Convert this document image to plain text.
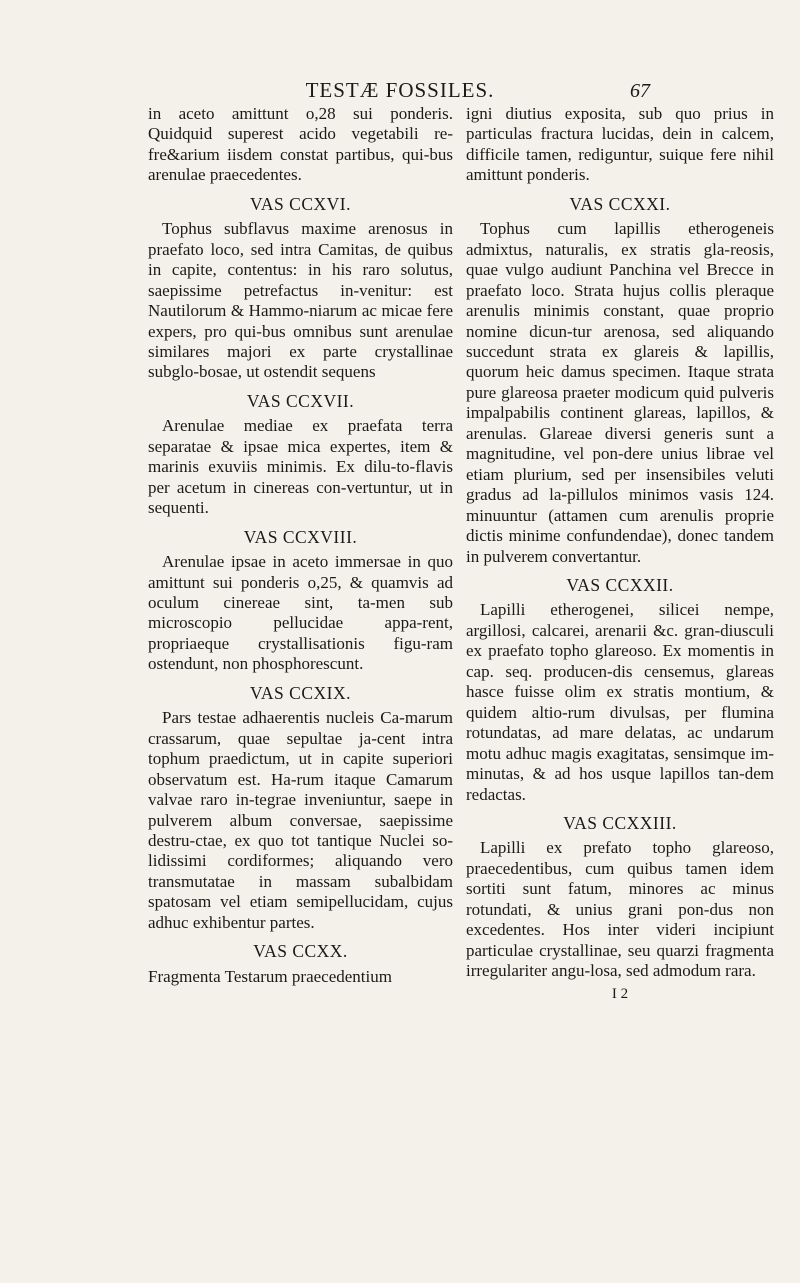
TESTÆ FOSSILES.	67

in aceto amittunt o,28 sui ponderis. Quidquid superest acido vegetabili re-fre&arium iisdem constat partibus, qui-bus arenulae praecedentes.

VAS CCXVI.

Tophus subflavus maxime arenosus in praefato loco, sed intra Camitas, de quibus in capite, contentus: in his raro solutus, saepissime petrefactus in-venitur: est Nautilorum & Hammo-niarum ac micae fere expers, pro qui-bus omnibus sunt arenulae similares majori ex parte crystallinae subglo-bosae, ut ostendit sequens

VAS CCXVII.

Arenulae mediae ex praefata terra separatae & ipsae mica expertes, item & marinis exuviis minimis. Ex dilu-to-flavis per acetum in cinereas con-vertuntur, ut in sequenti.

VAS CCXVIII.

Arenulae ipsae in aceto immersae in quo amittunt sui ponderis o,25, & quamvis ad oculum cinereae sint, ta-men sub microscopio pellucidae appa-rent, propriaeque crystallisationis figu-ram ostendunt, non phosphorescunt.

VAS CCXIX.

Pars testae adhaerentis nucleis Ca-marum crassarum, quae sepultae ja-cent intra tophum praedictum, ut in capite superiori observatum est. Ha-rum itaque Camarum valvae raro in-tegrae inveniuntur, saepe in pulverem album conversae, saepissime destru-ctae, ex quo tot tantique Nuclei so-lidissimi cordiformes; aliquando vero transmutatae in massam subalbidam spatosam vel etiam semipellucidam, cujus adhuc exhibentur partes.

VAS CCXX.

Fragmenta Testarum praecedentium

igni diutius exposita, sub quo prius in particulas fractura lucidas, dein in calcem, difficile tamen, rediguntur, suique fere nihil amittunt ponderis.

VAS CCXXI.

Tophus cum lapillis etherogeneis admixtus, naturalis, ex stratis gla-reosis, quae vulgo audiunt Panchina vel Brecce in praefato loco. Strata hujus collis pleraque arenulis minimis constant, quae proprio nomine dicun-tur arenosa, sed aliquando succedunt strata ex glareis & lapillis, quorum heic damus specimen. Itaque strata pure glareosa praeter modicum quid pulveris impalpabilis continent glareas, lapillos, & arenulas. Glareae diversi generis sunt a magnitudine, vel pon-dere unius librae vel etiam plurium, sed per insensibiles veluti gradus ad la-pillulos minimos vasis 124. minuuntur (attamen cum arenulis proprie dictis minime confundendae), donec tandem in pulverem convertantur.

VAS CCXXII.

Lapilli etherogenei, silicei nempe, argillosi, calcarei, arenarii &c. gran-diusculi ex praefato topho glareoso. Ex momentis in cap. seq. producen-dis censemus, glareas hasce fuisse olim ex stratis montium, & quidem altio-rum divulsas, per flumina rotundatas, ad mare delatas, ac undarum motu adhuc magis exagitatas, sensimque im-minutas, & ad hos usque lapillos tan-dem redactas.

VAS CCXXIII.

Lapilli ex prefato topho glareoso, praecedentibus, cum quibus tamen idem sortiti sunt fatum, minores ac minus rotundati, & unius grani pon-dus non excedentes. Hos inter videri incipiunt particulae crystallinae, seu quarzi fragmenta irregulariter angu-losa, sed admodum rara.

I 2
